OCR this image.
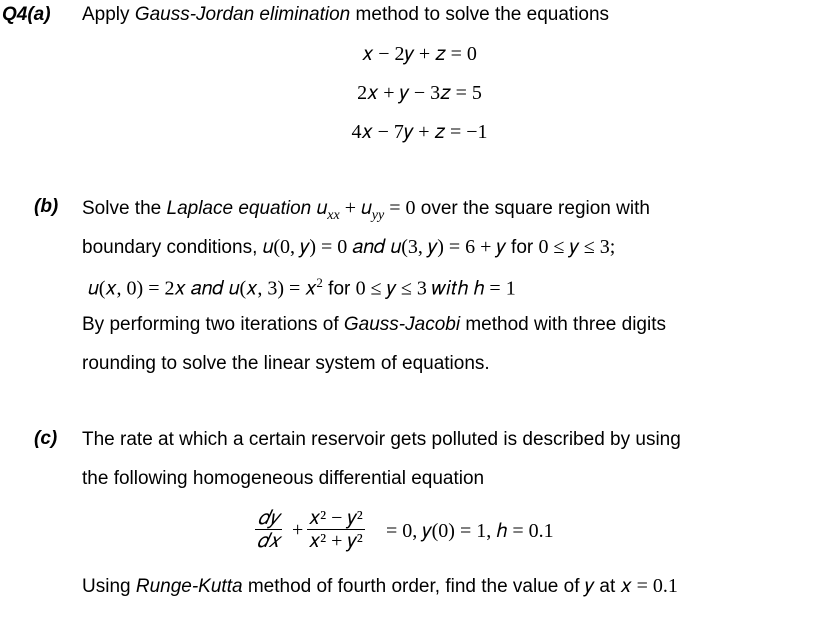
Q4(a) Apply Gauss-Jordan elimination method to solve the equations
𝑥 − 2𝑦 + 𝑧 = 0
2𝑥 + 𝑦 − 3𝑧 = 5
4𝑥 − 7𝑦 + 𝑧 = −1
(b) Solve the Laplace equation 𝑢$_{xx}$ + 𝑢$_{yy}$ = 0 over the square region with
boundary conditions, 𝑢(0, 𝑦) = 0 𝑎𝑛𝑑 𝑢(3, 𝑦) = 6 + 𝑦 for 0 ≤ 𝑦 ≤ 3;
𝑢(𝑥, 0) = 2𝑥 𝑎𝑛𝑑 𝑢(𝑥, 3) = 𝑥$^2$ for 0 ≤ 𝑦 ≤ 3 𝑤𝑖𝑡ℎ ℎ = 1
By performing two iterations of Gauss-Jacobi method with three digits
rounding to solve the linear system of equations.
(c) The rate at which a certain reservoir gets polluted is described by using
the following homogeneous differential equation
𝑑𝑦
𝑑𝑥 +
𝑥² − 𝑦²
𝑥² + 𝑦² = 0, 𝑦(0) = 1, ℎ = 0.1
Using Runge-Kutta method of fourth order, find the value of 𝑦 at 𝑥 = 0.1
